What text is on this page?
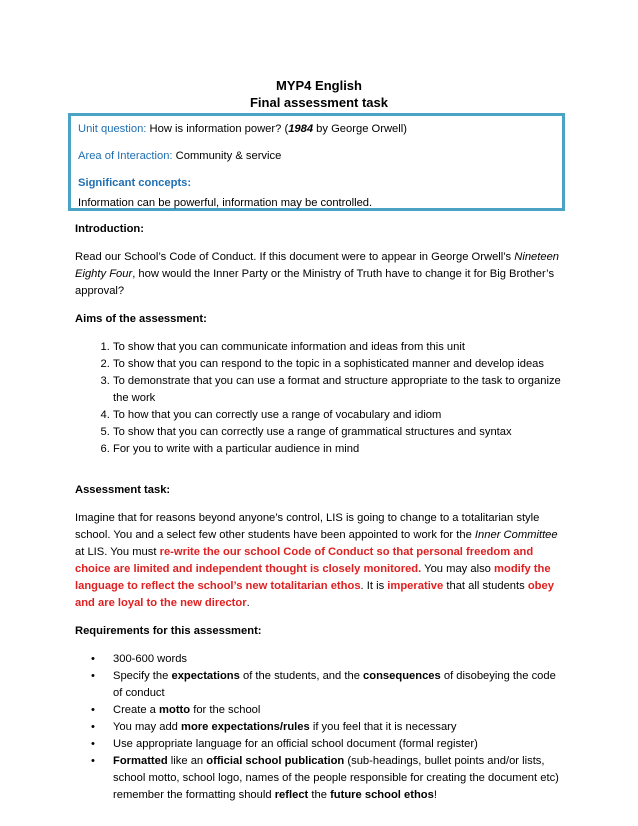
MYP4 English
Final assessment task

Unit question: How is information power? (1984 by George Orwell)

Area of Interaction: Community & service

Significant concepts:

Information can be powerful, information may be controlled.

Introduction:

Read our School’s Code of Conduct. If this document were to appear in George Orwell’s Nineteen Eighty Four, how would the Inner Party or the Ministry of Truth have to change it for Big Brother’s approval?

Aims of the assessment:

1. To show that you can communicate information and ideas from this unit
2. To show that you can respond to the topic in a sophisticated manner and develop ideas
3. To demonstrate that you can use a format and structure appropriate to the task to organize the work
4. To how that you can correctly use a range of vocabulary and idiom
5. To show that you can correctly use a range of grammatical structures and syntax
6. For you to write with a particular audience in mind

Assessment task:

Imagine that for reasons beyond anyone’s control, LIS is going to change to a totalitarian style school. You and a select few other students have been appointed to work for the Inner Committee at LIS. You must re-write the our school Code of Conduct so that personal freedom and choice are limited and independent thought is closely monitored. You may also modify the language to reflect the school’s new totalitarian ethos. It is imperative that all students obey and are loyal to the new director.

Requirements for this assessment:

• 300-600 words
• Specify the expectations of the students, and the consequences of disobeying the code of conduct
• Create a motto for the school
• You may add more expectations/rules if you feel that it is necessary
• Use appropriate language for an official school document (formal register)
• Formatted like an official school publication (sub-headings, bullet points and/or lists, school motto, school logo, names of the people responsible for creating the document etc) remember the formatting should reflect the future school ethos!
